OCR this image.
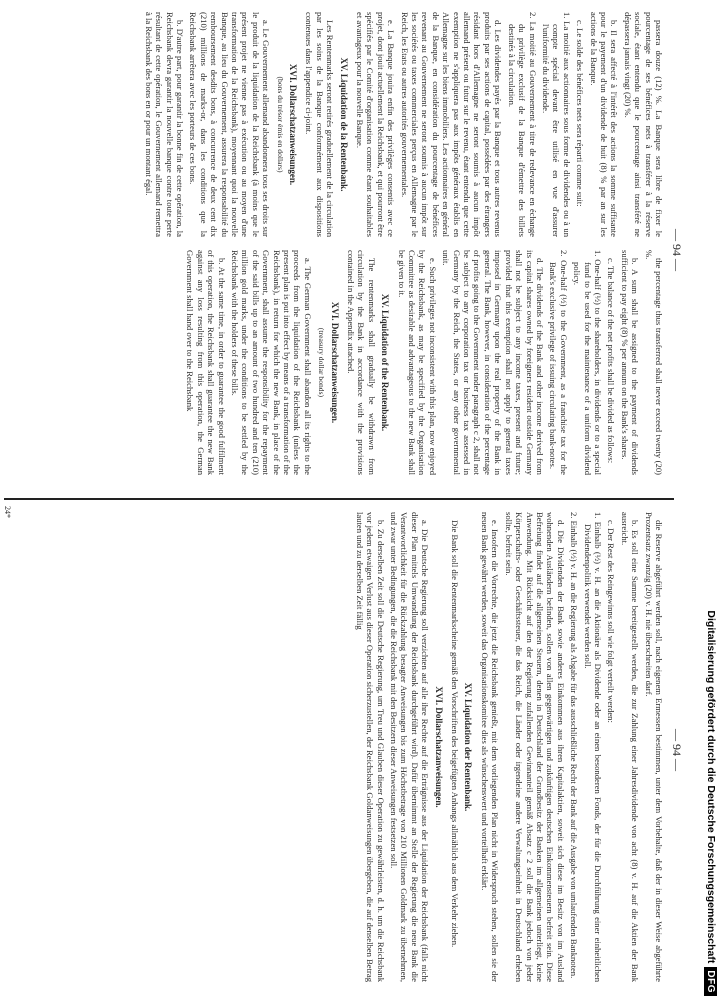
— 94 —

passera douze (12) %. La Banque sera libre de fixer le pourcentage de ses bénéfices nets à transférer à la réserve sociale, étant entendu que le pourcentage ainsi transféré ne dépassera jamais vingt (20) %.

b. Il sera affecté à l'intérêt des actions la somme suffisante pour le payement d'un dividende de huit (8) % par an sur les actions de la Banque.

c. Le solde des bénéfices nets sera réparti comme suit:

1. La moitié aux actionnaires sous forme de dividendes ou à un compte spécial devant être utilisé en vue d'assurer l'uniformité du dividende.

2. La moitié au Gouvernement à titre de redevance en échange du privilège exclusif de la Banque d'émettre des billets destinés à la circulation.

d. Les dividendes payés par la Banque et tous autres revenus produits par ses actions de capital, possédées par des étrangers résidant hors d'Allemagne ne seront soumis à aucun impôt allemand présent ou futur sur le revenu, étant entendu que cette exemption ne s'appliquera pas aux impôts généraux établis en Allemagne sur les biens immobiliers. Les actionnaires en général de la Banque, en considération du pourcentage de bénéfices revenant au Gouvernement ne seront soumis à aucun impôt sur les sociétés ou taxes commerciales perçus en Allemagne par le Reich, les Etats ou autres autorités gouvernementales.

e. La Banque jouira enfin des privilèges consentis avec ce projet, dont jouit actuellement la Reichsbank, et qui pourront être spécifiés par le Comité d'organisation comme étant souhaitables et avantageux pour la nouvelle Banque.

XV. Liquidation de la Rentenbank.

Les Rentenmarks seront retirés graduellement de la circulation par les soins de la Banque conformément aux dispositions contenues dans l'appendice ci-joint.

XVI. Dollarschatzanweisungen.

(bons du trésor émis en dollars)

a. Le Gouvernement allemand abandonnera tous ses droits sur le produit de la liquidation de la Reichsbank (à moins que le présent projet ne vienne pas à exécution ou au moyen d'une transformation de la Reichsbank), moyennant quoi la nouvelle Banque, au lieu du Gouvernement, assurera la responsabilité du remboursement desdits bons, à concurrence de deux cent dix (210) millions de marks-or, dans les conditions que la Reichsbank arrêtera avec les porteurs de ces bons.

b. D'autre part, pour garantir la bonne fin de cette opération, la Reichsbank devra garantir la nouvelle banque contre toute perte résultant de cette opération, le Gouvernement allemand remettra à la Reichsbank des bons en or pour un montant égal.

the percentage thus transferred shall never exceed twenty (20) %.

b. A sum shall be assigned to the payment of dividends sufficient to pay eight (8) % per annum on the Bank's shares.

c. The balance of the net profits shall be divided as follows:

1. One-half (½) to the shareholders, in dividends or to a special fund to be used for the maintenance of a uniform dividend policy.

2. One-half (½) to the Government, as a franchise tax for the Bank's exclusive privilege of issuing circulating bank-notes.

d. The dividends of the Bank and other income derived from its capital shares owned by foreigners resident outside Germany shall not be subject to any income taxes, present and future; provided that this exemption shall not apply to general taxes imposed in Germany upon the real property of the Bank in general. The Bank, however, in consideration of the percentage of profits going to the Government under paragraph c 2, shall not be subject to any corporation tax or business tax assessed in Germany by the Reich, the States, or any other governmental unit.

e. Such privileges not inconsistent with this plan, now enjoyed by the Reichsbank, as may be specified by the Organisation Committee as desirable and advantageous to the new Bank shall be given to it.

XV. Liquidation of the Rentenbank.

The rentenmarks shall gradually be withdrawn from circulation by the Bank in accordance with the provisions contained in the Appendix attached.

XVI. Dollarschatzanweisungen.

(treasury dollar bonds)

a. The German Government shall abandon all its rights to the proceeds from the liquidation of the Reichsbank (unless the present plan is put into effect by means of a transformation of the Reichsbank), in return for which the new Bank, in place of the Government, shall assume the responsibility for the repayment of the said bills up to an amount of two hundred and ten (210) million gold marks, under the conditions to be settled by the Reichsbank with the holders of these bills.

b. At the same time, in order to guarantee the good fulfilment of this operation, the Reichsbank shall guarantee the new Bank against any loss resulting from this operation, the German Government shall hand over to the Reichsbank

— 94 —

die Reserve abgeführt werden soll, nach eigenem Ermessen bestimmen, unter dem Vorbehalte, daß der in dieser Weise abgeführte Prozentsatz zwanzig (20) v. H. nie überschreiten darf.

b. Es soll eine Summe bereitgestellt werden, die zur Zahlung einer Jahresdividende von acht (8) v. H. auf die Aktien der Bank ausreicht.

c. Der Rest des Reingewinns soll wie folgt verteilt werden:

1. Einhalb (½) v. H. an die Aktionäre als Dividende oder an einen besonderen Fonds, der für die Durchführung einer einheitlichen Dividendenpolitik verwendet werden soll.

2. Einhalb (½) v. H. an die Regierung als Abgabe für das ausschließliche Recht der Bank auf die Ausgabe von umlaufenden Banknoten.

d. Die Dividenden der Bank sowie anderes Einkommen aus ihren Kapitalaktien, soweit sich diese im Besitz von im Ausland wohnenden Ausländern befinden, sollen von allen gegenwärtigen und zukünftigen deutschen Einkommensteuern befreit sein. Diese Befreiung findet auf die allgemeinen Steuern, denen in Deutschland der Grundbesitz der Banken im allgemeinen unterliegt, keine Anwendung. Mit Rücksicht auf den der Regierung zufallenden Gewinnanteil gemäß Absatz c 2 soll die Bank jedoch von jeder Körperschafts- oder Geschäftssteuer, die das Reich, die Länder oder irgendeine andere Verwaltungseinheit in Deutschland erheben sollte, befreit sein.

e. Insofern die Vorrechte, die jetzt die Reichsbank genießt, mit dem vorliegenden Plan nicht in Widerspruch stehen, sollen sie der neuen Bank gewährt werden, soweit das Organisationskomitee dies als wünschenswert und vorteilhaft erklärt.

XV. Liquidation der Rentenbank.

Die Bank soll die Rentenmarkscheine gemäß den Vorschriften des beigefügten Anhangs allmählich aus dem Verkehr ziehen.

XVI. Dollarschatzanweisungen.

a. Die Deutsche Regierung soll verzichten auf alle ihre Rechte auf die Erträgnisse aus der Liquidation der Reichsbank (falls nicht dieser Plan mittels Umwandlung der Reichsbank durchgeführt wird). Dafür übernimmt an Stelle der Regierung die neue Bank die Verantwortlichkeit für die Rückzahlung besagter Anweisungen bis zum Höchstbetrage von 210 Millionen Goldmark zu übernehmen, und zwar unter Bedingungen, die die Reichsbank mit den Besitzern dieser Anweisungen festsetzen soll.

b. Zu derselben Zeit soll die Deutsche Regierung, um Treu und Glauben dieser Operation zu gewährleisten, d. h. um die Reichsbank vor jedem etwaigen Verlust aus dieser Operation sicherzustellen, der Reichsbank Goldanweisungen übergeben, die auf denselben Betrag lauten und zu derselben Zeit fällig

24*
Digitalisierung gefördert durch die Deutsche Forschungsgemeinschaft
DFG
